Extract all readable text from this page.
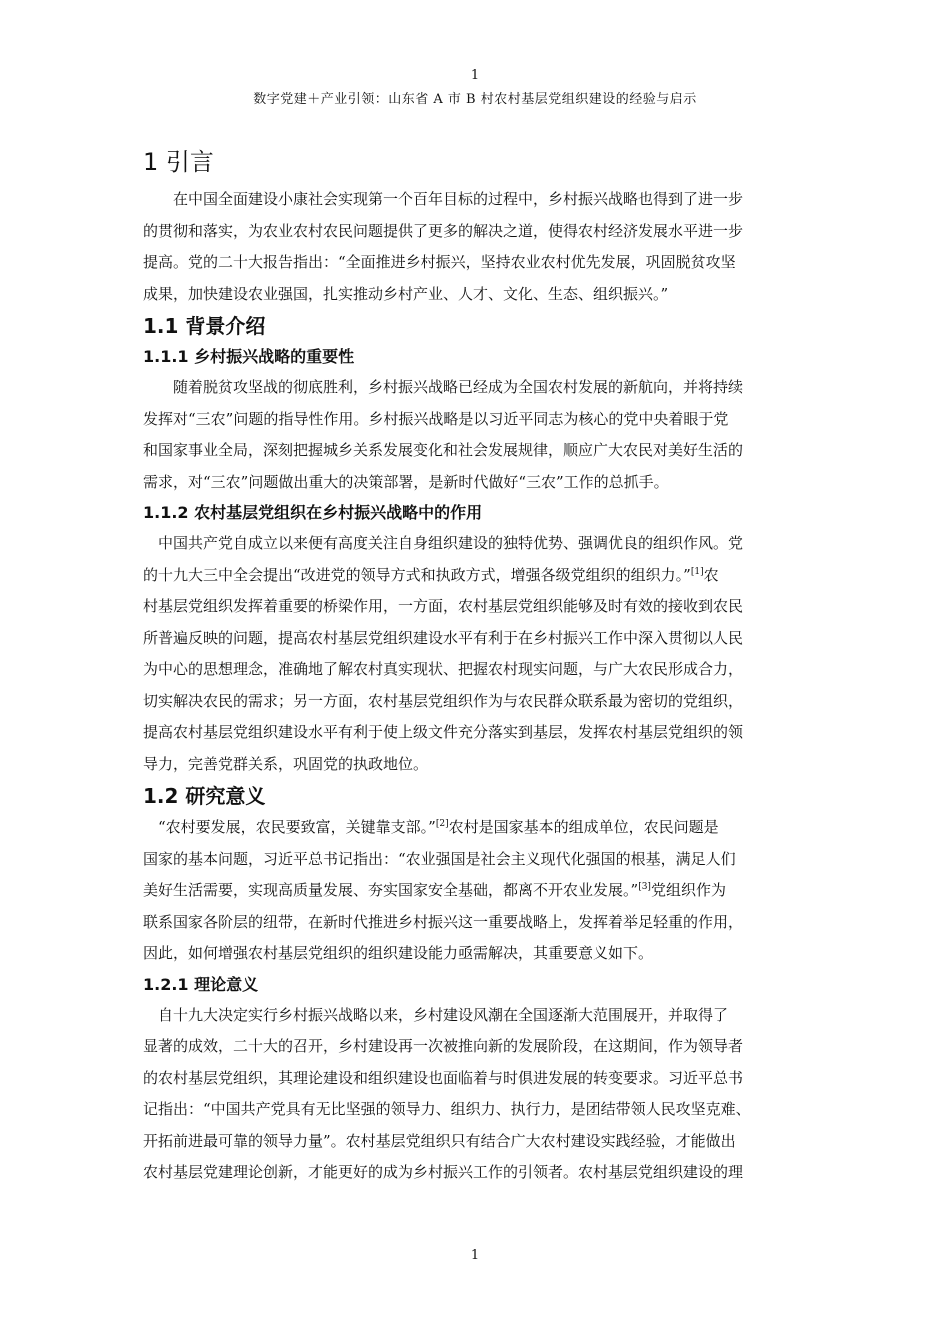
1
数字党建＋产业引领：山东省 A 市 B 村农村基层党组织建设的经验与启示
1 引言

　　在中国全面建设小康社会实现第一个百年目标的过程中，乡村振兴战略也得到了进一步
的贯彻和落实，为农业农村农民问题提供了更多的解决之道，使得农村经济发展水平进一步
提高。党的二十大报告指出：“全面推进乡村振兴，坚持农业农村优先发展，巩固脱贫攻坚
成果，加快建设农业强国，扎实推动乡村产业、人才、文化、生态、组织振兴。”

1.1 背景介绍
1.1.1 乡村振兴战略的重要性

　　随着脱贫攻坚战的彻底胜利，乡村振兴战略已经成为全国农村发展的新航向，并将持续
发挥对“三农”问题的指导性作用。乡村振兴战略是以习近平同志为核心的党中央着眼于党
和国家事业全局，深刻把握城乡关系发展变化和社会发展规律，顺应广大农民对美好生活的
需求，对“三农”问题做出重大的决策部署，是新时代做好“三农”工作的总抓手。

1.1.2 农村基层党组织在乡村振兴战略中的作用

　中国共产党自成立以来便有高度关注自身组织建设的独特优势、强调优良的组织作风。党
的十九大三中全会提出“改进党的领导方式和执政方式，增强各级党组织的组织力。”[1]农
村基层党组织发挥着重要的桥梁作用，一方面，农村基层党组织能够及时有效的接收到农民
所普遍反映的问题，提高农村基层党组织建设水平有利于在乡村振兴工作中深入贯彻以人民
为中心的思想理念，准确地了解农村真实现状、把握农村现实问题，与广大农民形成合力，
切实解决农民的需求；另一方面，农村基层党组织作为与农民群众联系最为密切的党组织，
提高农村基层党组织建设水平有利于使上级文件充分落实到基层，发挥农村基层党组织的领
导力，完善党群关系，巩固党的执政地位。

1.2 研究意义

　“农村要发展，农民要致富，关键靠支部。”[2]农村是国家基本的组成单位，农民问题是
国家的基本问题，习近平总书记指出：“农业强国是社会主义现代化强国的根基，满足人们
美好生活需要，实现高质量发展、夯实国家安全基础，都离不开农业发展。”[3]党组织作为
联系国家各阶层的纽带，在新时代推进乡村振兴这一重要战略上，发挥着举足轻重的作用，
因此，如何增强农村基层党组织的组织建设能力亟需解决，其重要意义如下。

1.2.1 理论意义

　自十九大决定实行乡村振兴战略以来，乡村建设风潮在全国逐渐大范围展开，并取得了
显著的成效，二十大的召开，乡村建设再一次被推向新的发展阶段，在这期间，作为领导者
的农村基层党组织，其理论建设和组织建设也面临着与时俱进发展的转变要求。习近平总书
记指出：“中国共产党具有无比坚强的领导力、组织力、执行力，是团结带领人民攻坚克难、
开拓前进最可靠的领导力量”。农村基层党组织只有结合广大农村建设实践经验，才能做出
农村基层党建理论创新，才能更好的成为乡村振兴工作的引领者。农村基层党组织建设的理

1
